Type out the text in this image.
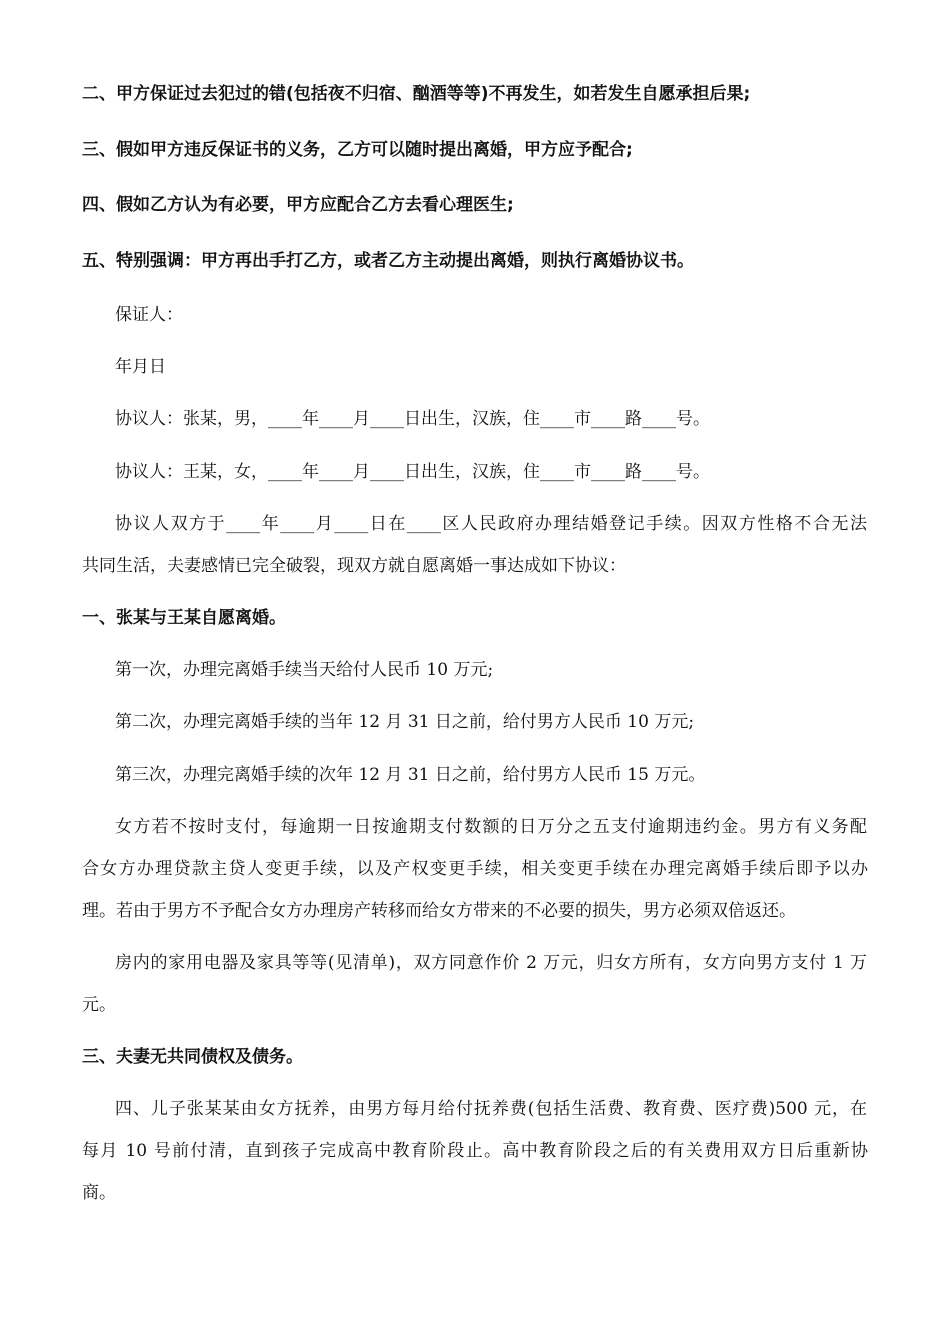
二、甲方保证过去犯过的错(包括夜不归宿、酗酒等等)不再发生，如若发生自愿承担后果;
三、假如甲方违反保证书的义务，乙方可以随时提出离婚，甲方应予配合;
四、假如乙方认为有必要，甲方应配合乙方去看心理医生;
五、特别强调：甲方再出手打乙方，或者乙方主动提出离婚，则执行离婚协议书。
保证人：
年月日
协议人：张某，男，____年____月____日出生，汉族，住____市____路____号。
协议人：王某，女，____年____月____日出生，汉族，住____市____路____号。
协议人双方于____年____月____日在____区人民政府办理结婚登记手续。因双方性格不合无法
共同生活，夫妻感情已完全破裂，现双方就自愿离婚一事达成如下协议：
一、张某与王某自愿离婚。
第一次，办理完离婚手续当天给付人民币 10 万元;
第二次，办理完离婚手续的当年 12 月 31 日之前，给付男方人民币 10 万元;
第三次，办理完离婚手续的次年 12 月 31 日之前，给付男方人民币 15 万元。
女方若不按时支付，每逾期一日按逾期支付数额的日万分之五支付逾期违约金。男方有义务配
合女方办理贷款主贷人变更手续，以及产权变更手续，相关变更手续在办理完离婚手续后即予以办
理。若由于男方不予配合女方办理房产转移而给女方带来的不必要的损失，男方必须双倍返还。
房内的家用电器及家具等等(见清单)，双方同意作价 2 万元，归女方所有，女方向男方支付 1 万
元。
三、夫妻无共同债权及债务。
四、儿子张某某由女方抚养，由男方每月给付抚养费(包括生活费、教育费、医疗费)500 元，在
每月 10 号前付清，直到孩子完成高中教育阶段止。高中教育阶段之后的有关费用双方日后重新协
商。
